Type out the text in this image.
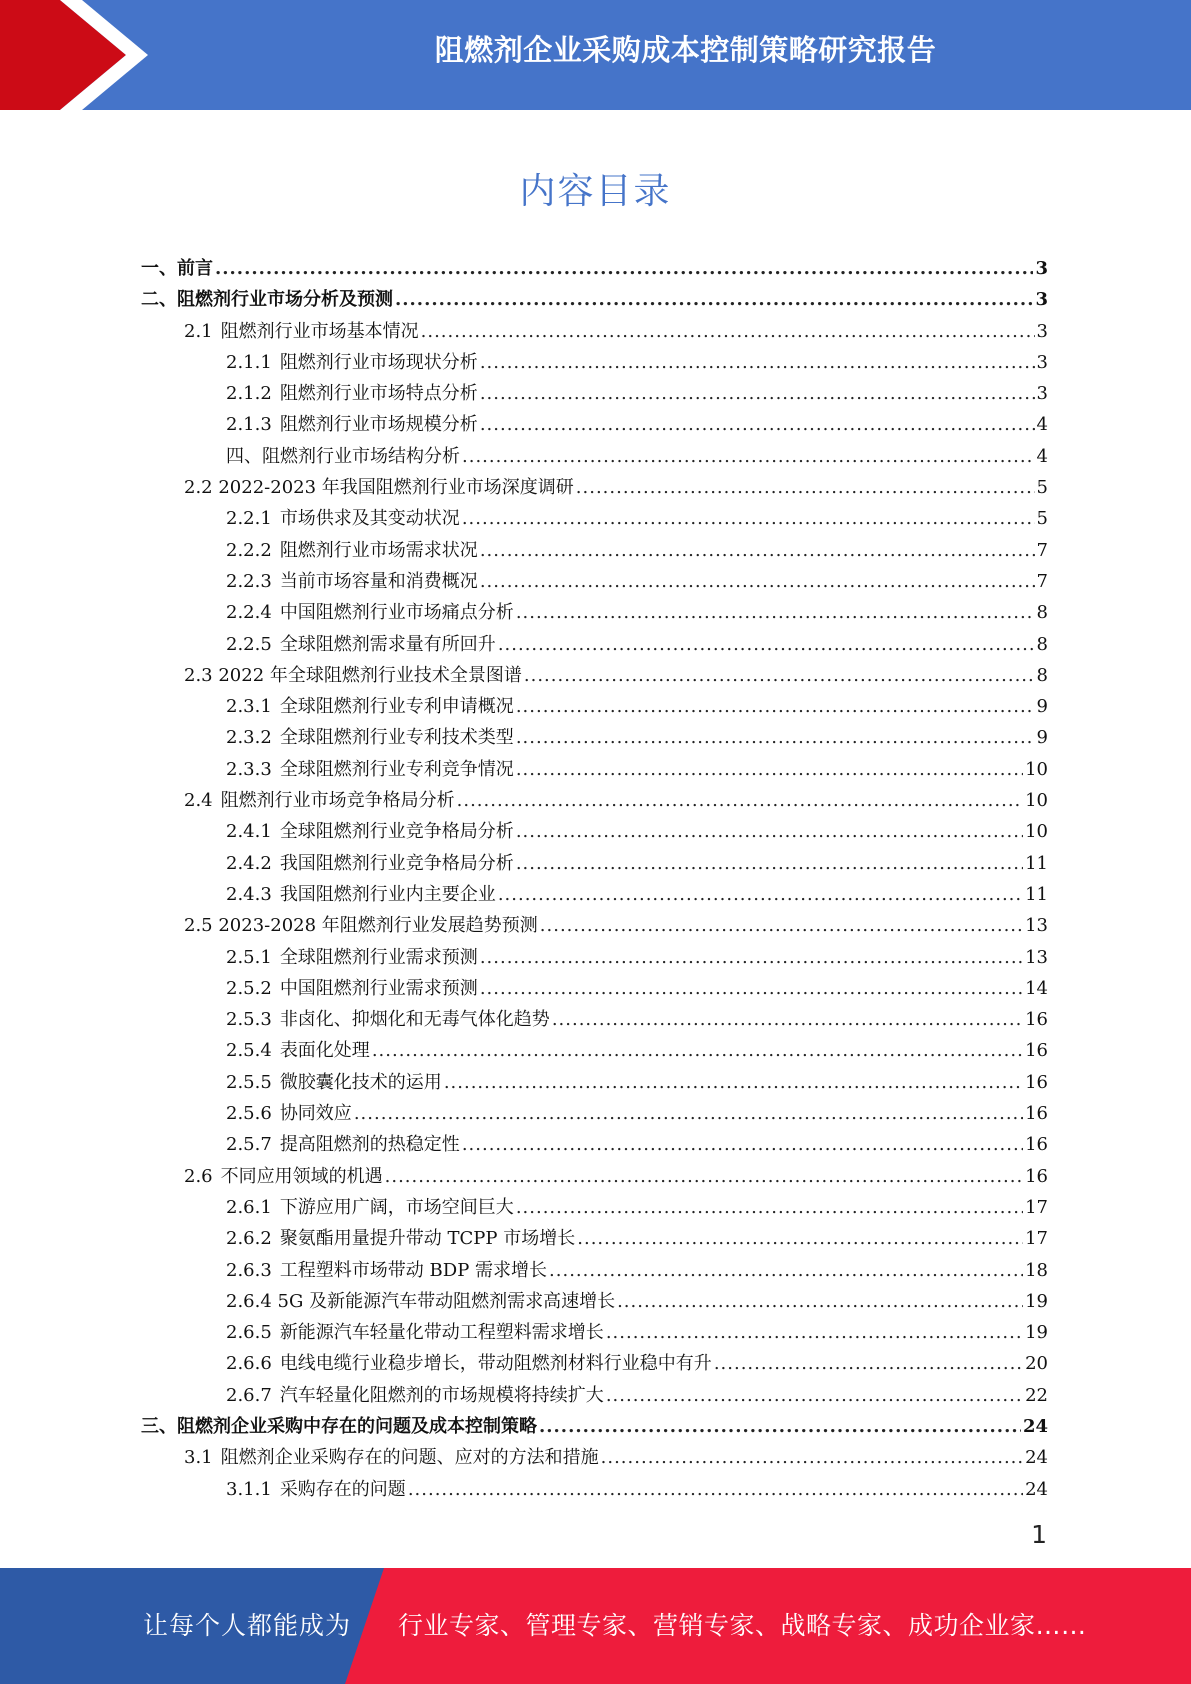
阻燃剂企业采购成本控制策略研究报告
内容目录
一、前言 .....	3
二、阻燃剂行业市场分析及预测 .....	3
2.1 阻燃剂行业市场基本情况 .....	3
2.1.1 阻燃剂行业市场现状分析 .....	3
2.1.2 阻燃剂行业市场特点分析 .....	3
2.1.3 阻燃剂行业市场规模分析 .....	4
四、阻燃剂行业市场结构分析 .....	4
2.2 2022-2023 年我国阻燃剂行业市场深度调研 .....	5
2.2.1 市场供求及其变动状况 .....	5
2.2.2 阻燃剂行业市场需求状况 .....	7
2.2.3 当前市场容量和消费概况 .....	7
2.2.4 中国阻燃剂行业市场痛点分析 .....	8
2.2.5 全球阻燃剂需求量有所回升 .....	8
2.3 2022 年全球阻燃剂行业技术全景图谱 .....	8
2.3.1 全球阻燃剂行业专利申请概况 .....	9
2.3.2 全球阻燃剂行业专利技术类型 .....	9
2.3.3 全球阻燃剂行业专利竞争情况 .....	10
2.4 阻燃剂行业市场竞争格局分析 .....	10
2.4.1 全球阻燃剂行业竞争格局分析 .....	10
2.4.2 我国阻燃剂行业竞争格局分析 .....	11
2.4.3 我国阻燃剂行业内主要企业 .....	11
2.5 2023-2028 年阻燃剂行业发展趋势预测 .....	13
2.5.1 全球阻燃剂行业需求预测 .....	13
2.5.2 中国阻燃剂行业需求预测 .....	14
2.5.3 非卤化、抑烟化和无毒气体化趋势 .....	16
2.5.4 表面化处理 .....	16
2.5.5 微胶囊化技术的运用 .....	16
2.5.6 协同效应 .....	16
2.5.7 提高阻燃剂的热稳定性 .....	16
2.6 不同应用领域的机遇 .....	16
2.6.1 下游应用广阔，市场空间巨大 .....	17
2.6.2 聚氨酯用量提升带动 TCPP 市场增长 .....	17
2.6.3 工程塑料市场带动 BDP 需求增长 .....	18
2.6.4 5G 及新能源汽车带动阻燃剂需求高速增长 .....	19
2.6.5 新能源汽车轻量化带动工程塑料需求增长 .....	19
2.6.6 电线电缆行业稳步增长，带动阻燃剂材料行业稳中有升 .....	20
2.6.7 汽车轻量化阻燃剂的市场规模将持续扩大 .....	22
三、阻燃剂企业采购中存在的问题及成本控制策略 .....	24
3.1 阻燃剂企业采购存在的问题、应对的方法和措施 .....	24
3.1.1 采购存在的问题 .....	24
1
让每个人都能成为 行业专家、管理专家、营销专家、战略专家、成功企业家……
